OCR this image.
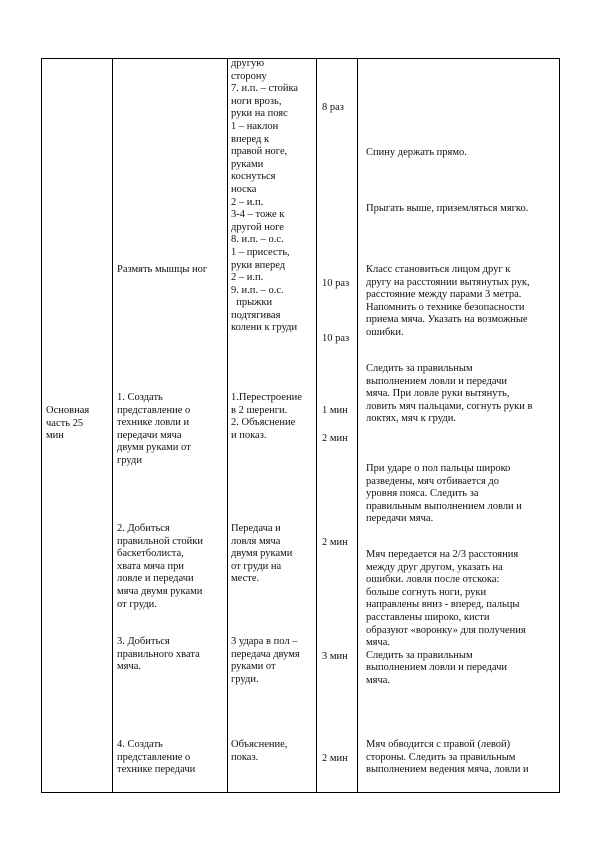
Основная
часть 25
мин
Размять мышцы ног
1. Создать
представление о
технике ловли и
передачи мяча
двумя руками от
груди
2. Добиться
правильной стойки
баскетболиста,
хвата мяча при
ловле и передачи
мяча двумя руками
от груди.
3. Добиться
правильного хвата
мяча.
4. Создать
представление о
технике передачи
другую
сторону
7. и.п. – стойка
ноги врозь,
руки на пояс
1 – наклон
вперед к
правой ноге,
руками
коснуться
носка
2 – и.п.
3-4 – тоже к
другой ноге
8. и.п. – о.с.
1 – присесть,
руки вперед
2 – и.п.
9. и.п. – о.с.
прыжки
подтягивая
колени к груди
1.Перестроение
в 2 шеренги.
2. Объяснение
и показ.
Передача и
ловля мяча
двумя руками
от груди на
месте.
3 удара в пол –
передача двумя
руками от
груди.
Объяснение,
показ.
8 раз
10 раз
10 раз
1 мин
2 мин
2 мин
3 мин
2 мин
Спину держать прямо.
Прыгать выше, приземляться мягко.
Класс становиться лицом друг к
другу на расстоянии вытянутых рук,
расстояние между парами 3 метра.
Напомнить о технике безопасности
приема мяча. Указать на возможные
ошибки.
Следить за правильным
выполнением ловли и передачи
мяча. При ловле руки вытянуть,
ловить мяч пальцами, согнуть руки в
локтях, мяч к груди.
При ударе о пол пальцы широко
разведены, мяч отбивается до
уровня пояса. Следить за
правильным выполнением ловли и
передачи мяча.
Мяч передается на 2/3 расстояния
между друг другом, указать на
ошибки. ловля после отскока:
больше согнуть ноги, руки
направлены вниз - вперед, пальцы
расставлены широко, кисти
образуют «воронку» для получения
мяча.
Следить за правильным
выполнением ловли и передачи
мяча.
Мяч обводится с правой (левой)
стороны. Следить за правильным
выполнением ведения мяча, ловли и
